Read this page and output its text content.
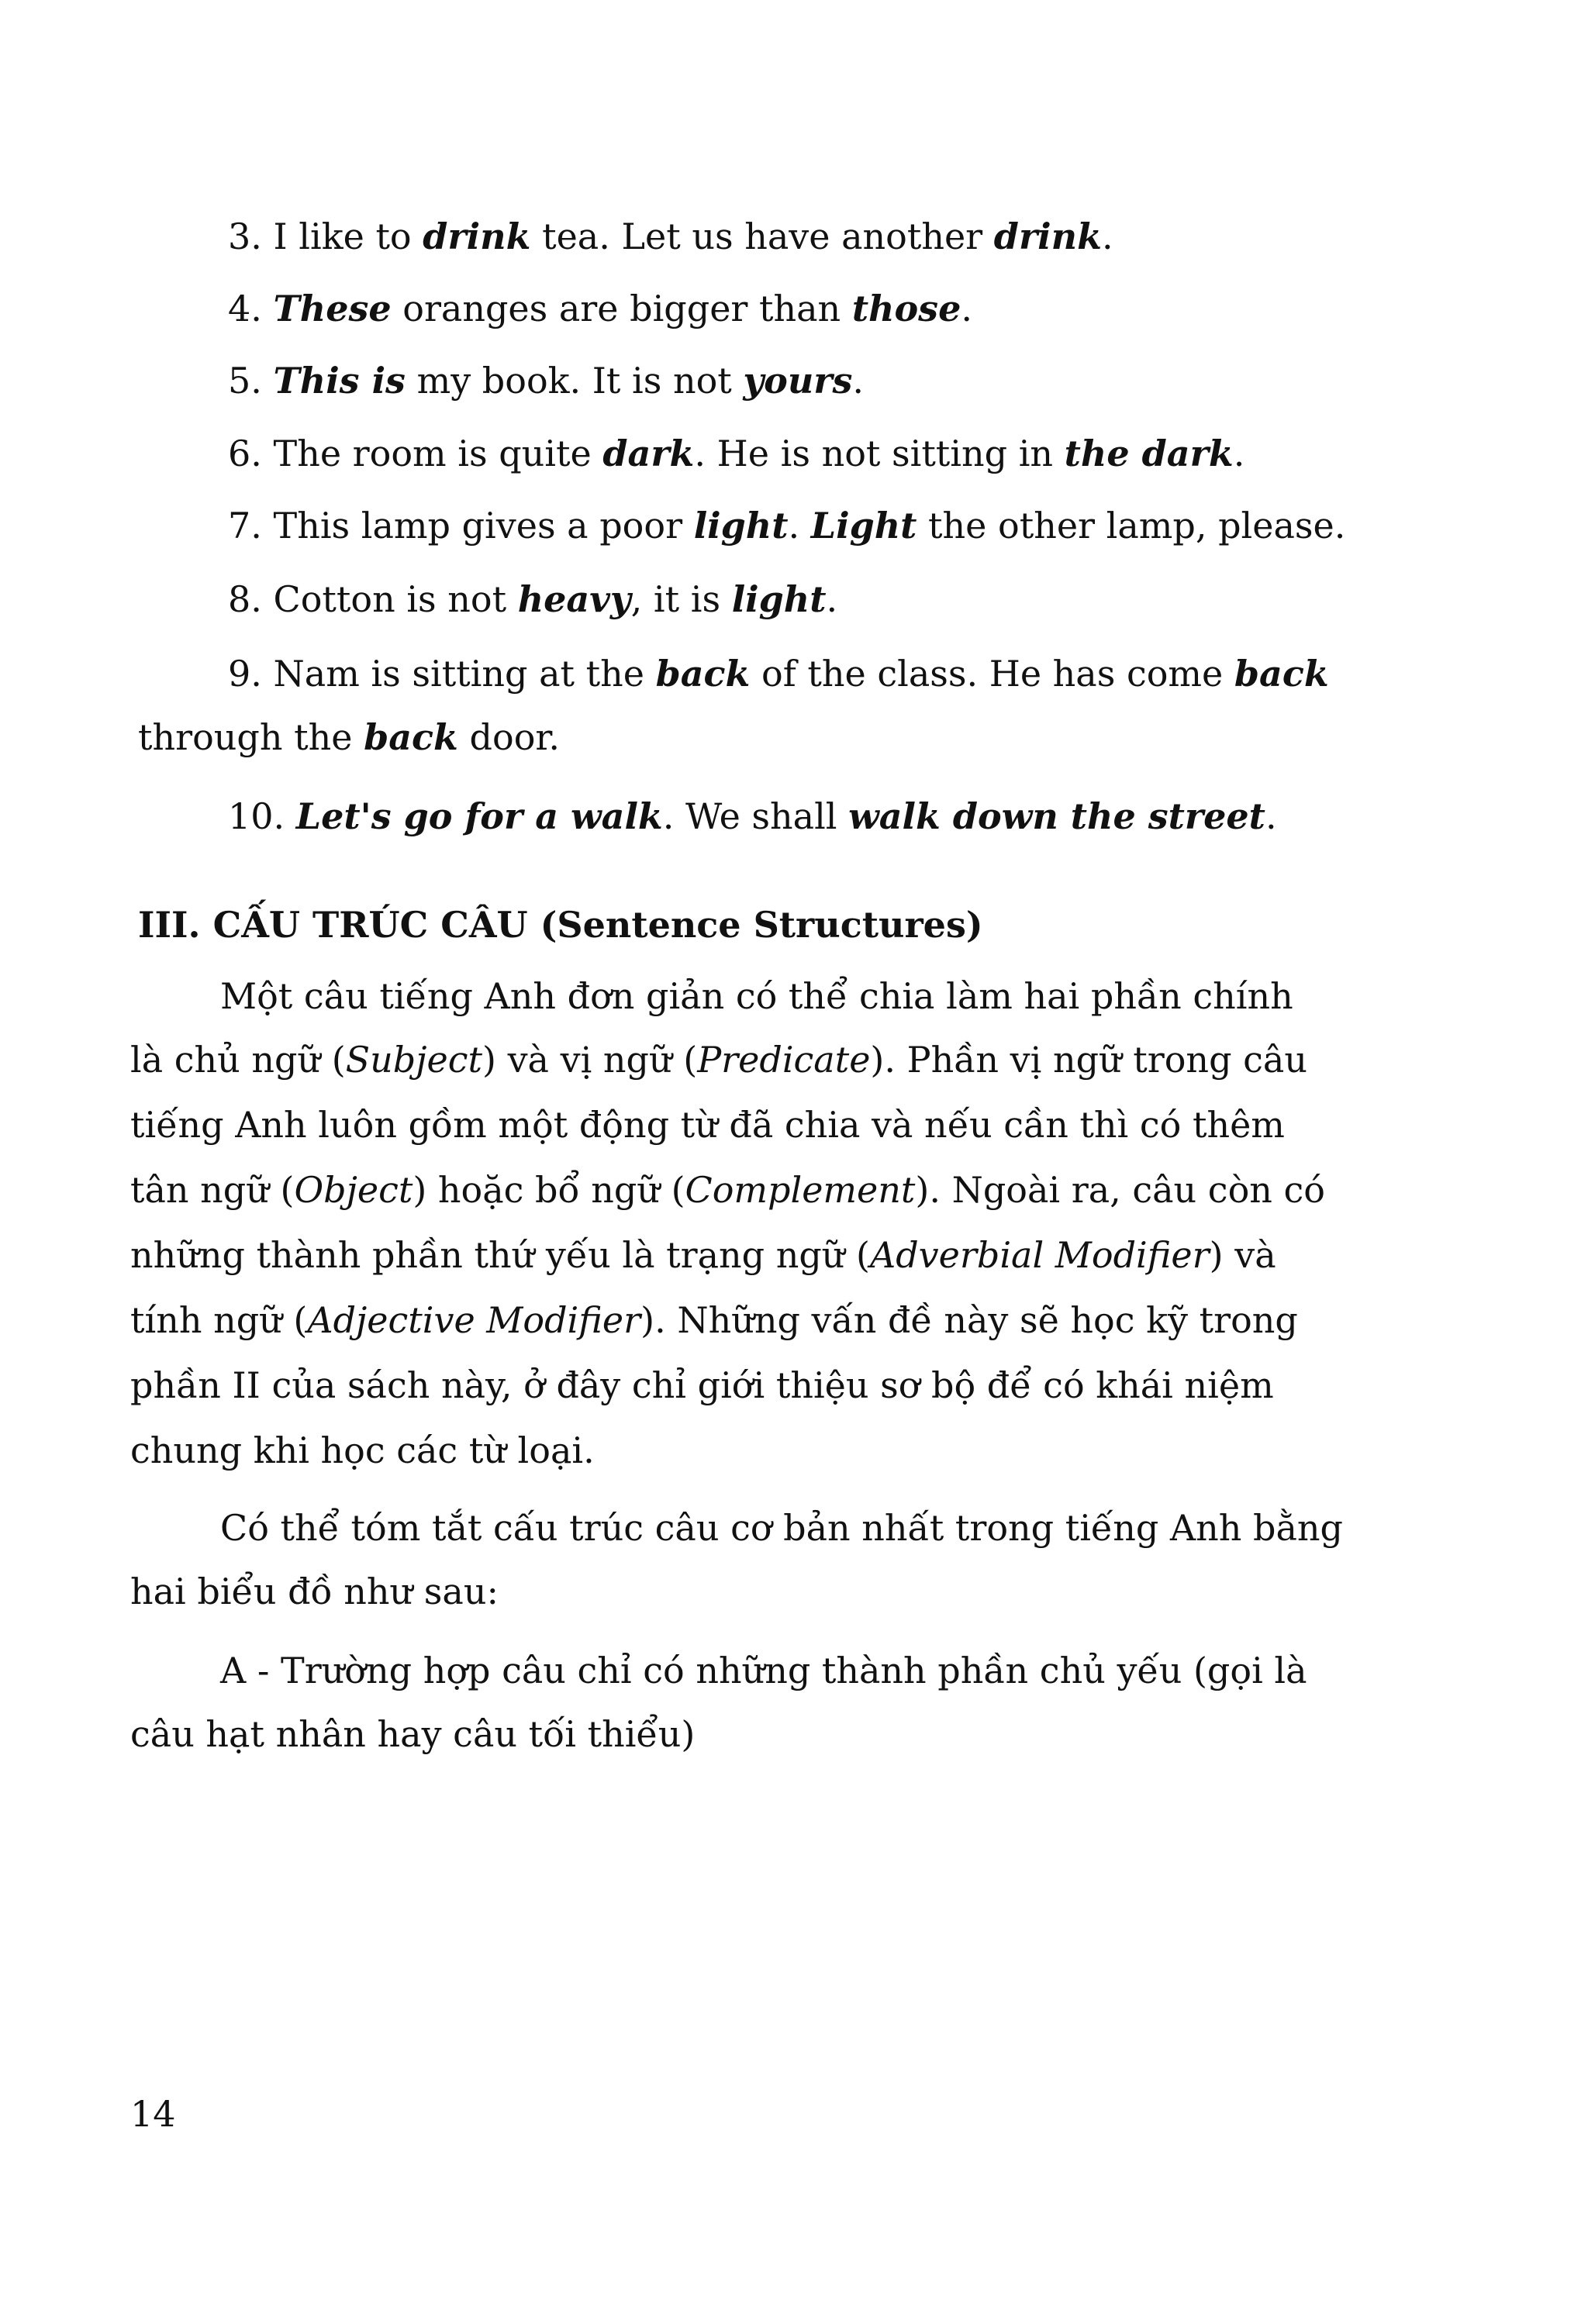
3. I like to drink tea. Let us have another drink.
4. These oranges are bigger than those.
5. This is my book. It is not yours.
6. The room is quite dark. He is not sitting in the dark.
7. This lamp gives a poor light. Light the other lamp, please.
8. Cotton is not heavy, it is light.
9. Nam is sitting at the back of the class. He has come back
through the back door.
10. Let's go for a walk. We shall walk down the street.
III. CẤU TRÚC CÂU (Sentence Structures)
Một câu tiếng Anh đơn giản có thể chia làm hai phần chính
là chủ ngữ (Subject) và vị ngữ (Predicate). Phần vị ngữ trong câu
tiếng Anh luôn gồm một động từ đã chia và nếu cần thì có thêm
tân ngữ (Object) hoặc bổ ngữ (Complement). Ngoài ra, câu còn có
những thành phần thứ yếu là trạng ngữ (Adverbial Modifier) và
tính ngữ (Adjective Modifier). Những vấn đề này sẽ học kỹ trong
phần II của sách này, ở đây chỉ giới thiệu sơ bộ để có khái niệm
chung khi học các từ loại.
Có thể tóm tắt cấu trúc câu cơ bản nhất trong tiếng Anh bằng
hai biểu đồ như sau:
A - Trường hợp câu chỉ có những thành phần chủ yếu (gọi là
câu hạt nhân hay câu tối thiểu)
14
